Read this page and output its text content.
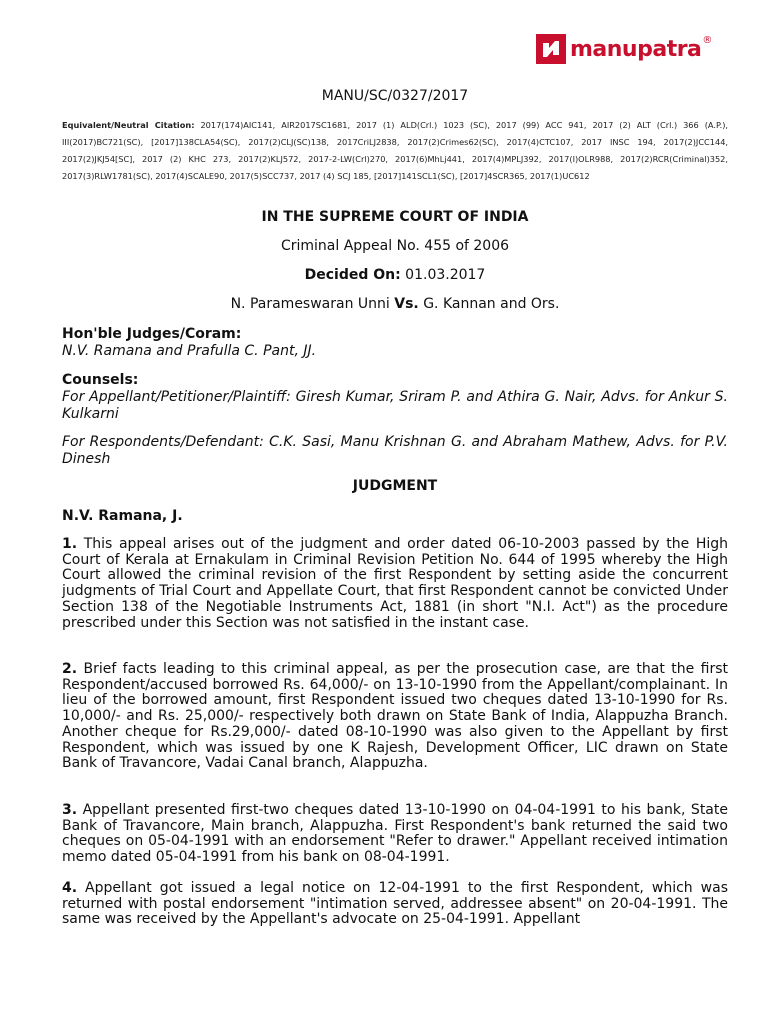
manupatra ®
MANU/SC/0327/2017
Equivalent/Neutral Citation: 2017(174)AIC141, AIR2017SC1681, 2017 (1) ALD(Crl.) 1023 (SC), 2017 (99) ACC 941, 2017 (2) ALT (Crl.) 366 (A.P.), III(2017)BC721(SC), [2017]138CLA54(SC), 2017(2)CLJ(SC)138, 2017CriLJ2838, 2017(2)Crimes62(SC), 2017(4)CTC107, 2017 INSC 194, 2017(2)JCC144, 2017(2)JKJ54[SC], 2017 (2) KHC 273, 2017(2)KLJ572, 2017-2-LW(Crl)270, 2017(6)MhLj441, 2017(4)MPLJ392, 2017(I)OLR988, 2017(2)RCR(Criminal)352, 2017(3)RLW1781(SC), 2017(4)SCALE90, 2017(5)SCC737, 2017 (4) SCJ 185, [2017]141SCL1(SC), [2017]4SCR365, 2017(1)UC612
IN THE SUPREME COURT OF INDIA
Criminal Appeal No. 455 of 2006
Decided On: 01.03.2017
N. Parameswaran Unni Vs. G. Kannan and Ors.
Hon'ble Judges/Coram:
N.V. Ramana and Prafulla C. Pant, JJ.
Counsels:
For Appellant/Petitioner/Plaintiff: Giresh Kumar, Sriram P. and Athira G. Nair, Advs. for Ankur S. Kulkarni
For Respondents/Defendant: C.K. Sasi, Manu Krishnan G. and Abraham Mathew, Advs. for P.V. Dinesh
JUDGMENT
N.V. Ramana, J.
1. This appeal arises out of the judgment and order dated 06-10-2003 passed by the High Court of Kerala at Ernakulam in Criminal Revision Petition No. 644 of 1995 whereby the High Court allowed the criminal revision of the first Respondent by setting aside the concurrent judgments of Trial Court and Appellate Court, that first Respondent cannot be convicted Under Section 138 of the Negotiable Instruments Act, 1881 (in short "N.I. Act") as the procedure prescribed under this Section was not satisfied in the instant case.
2. Brief facts leading to this criminal appeal, as per the prosecution case, are that the first Respondent/accused borrowed Rs. 64,000/- on 13-10-1990 from the Appellant/complainant. In lieu of the borrowed amount, first Respondent issued two cheques dated 13-10-1990 for Rs. 10,000/- and Rs. 25,000/- respectively both drawn on State Bank of India, Alappuzha Branch. Another cheque for Rs.29,000/- dated 08-10-1990 was also given to the Appellant by first Respondent, which was issued by one K Rajesh, Development Officer, LIC drawn on State Bank of Travancore, Vadai Canal branch, Alappuzha.
3. Appellant presented first-two cheques dated 13-10-1990 on 04-04-1991 to his bank, State Bank of Travancore, Main branch, Alappuzha. First Respondent's bank returned the said two cheques on 05-04-1991 with an endorsement "Refer to drawer." Appellant received intimation memo dated 05-04-1991 from his bank on 08-04-1991.
4. Appellant got issued a legal notice on 12-04-1991 to the first Respondent, which was returned with postal endorsement "intimation served, addressee absent" on 20-04-1991. The same was received by the Appellant's advocate on 25-04-1991. Appellant
